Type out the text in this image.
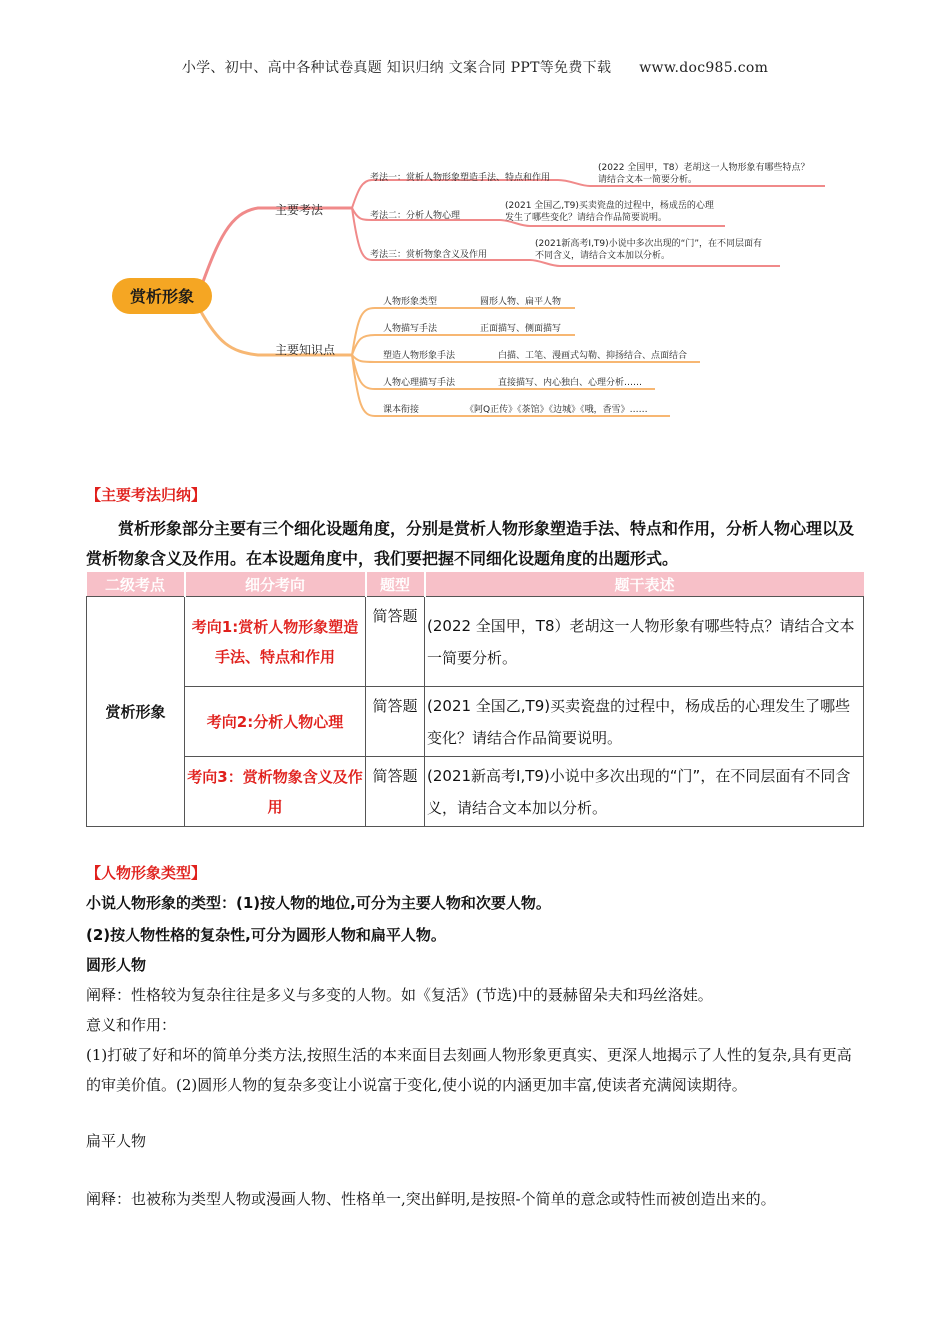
小学、初中、高中各种试卷真题 知识归纳 文案合同 PPT等免费下载 www.doc985.com
赏析形象
主要考法
主要知识点
考法一：赏析人物形象塑造手法、特点和作用
(2022 全国甲，T8）老胡这一人物形象有哪些特点？
请结合文本一简要分析。
考法二：分析人物心理
(2021 全国乙,T9)买卖瓷盘的过程中，杨成岳的心理
发生了哪些变化？请结合作品简要说明。
考法三：赏析物象含义及作用
(2021新高考Ⅰ,T9)小说中多次出现的“门”，在不同层面有
不同含义，请结合文本加以分析。
人物形象类型	圆形人物、扁平人物
人物描写手法	正面描写、侧面描写
塑造人物形象手法	白描、工笔、漫画式勾勒、抑扬结合、点面结合
人物心理描写手法	直接描写、内心独白、心理分析……
课本衔接	《阿Q正传》《茶馆》《边城》《哦，香雪》……
【主要考法归纳】
赏析形象部分主要有三个细化设题角度，分别是赏析人物形象塑造手法、特点和作用，分析人物心理以及赏析物象含义及作用。在本设题角度中，我们要把握不同细化设题角度的出题形式。
二级考点	细分考向	题型	题干表述
赏析形象	考向1:赏析人物形象塑造手法、特点和作用	简答题	(2022 全国甲，T8）老胡这一人物形象有哪些特点？请结合文本一简要分析。
	考向2:分析人物心理	简答题	(2021 全国乙,T9)买卖瓷盘的过程中，杨成岳的心理发生了哪些变化？请结合作品简要说明。
	考向3：赏析物象含义及作用	简答题	(2021新高考Ⅰ,T9)小说中多次出现的“门”，在不同层面有不同含义，请结合文本加以分析。
【人物形象类型】
小说人物形象的类型：(1)按人物的地位,可分为主要人物和次要人物。
(2)按人物性格的复杂性,可分为圆形人物和扁平人物。
圆形人物
阐释：性格较为复杂往往是多义与多变的人物。如《复活》(节选)中的聂赫留朵夫和玛丝洛娃。
意义和作用：
(1)打破了好和坏的简单分类方法,按照生活的本来面目去刻画人物形象更真实、更深人地揭示了人性的复杂,具有更高的审美价值。(2)圆形人物的复杂多变让小说富于变化,使小说的内涵更加丰富,使读者充满阅读期待。
扁平人物
阐释：也被称为类型人物或漫画人物、性格单一,突出鲜明,是按照-个简单的意念或特性而被创造出来的。
